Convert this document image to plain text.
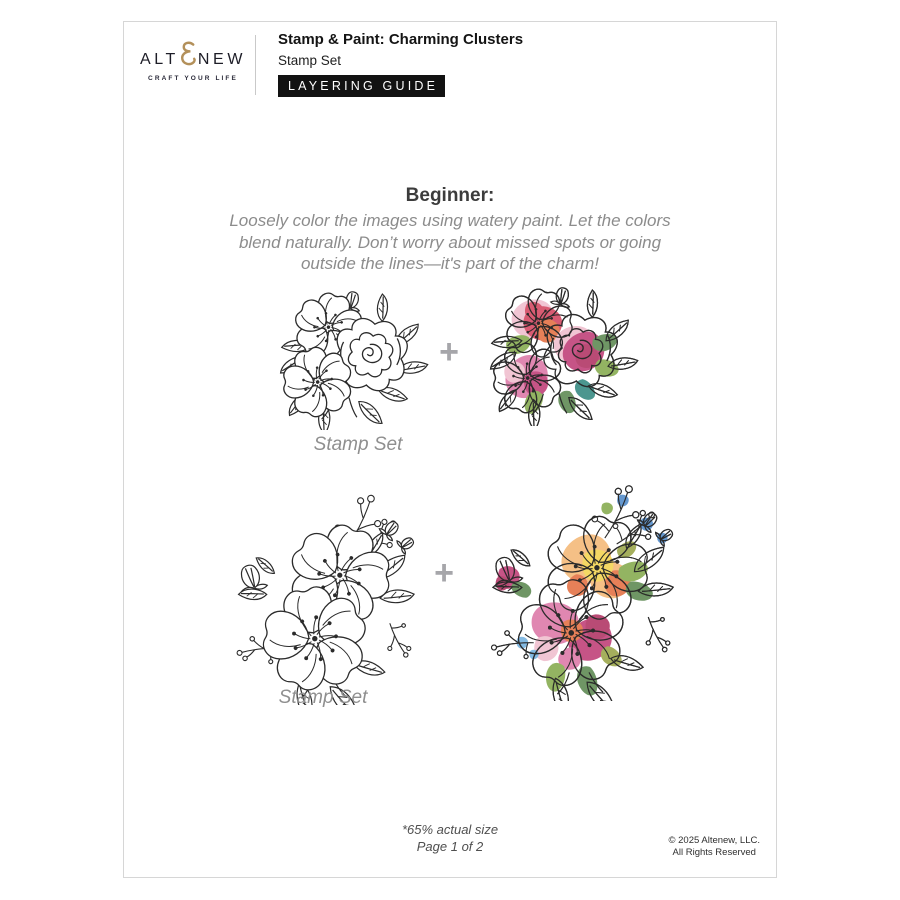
ALT NEW
CRAFT YOUR LIFE
Stamp & Paint: Charming Clusters
Stamp Set
LAYERING GUIDE
Beginner:
Loosely color the images using watery paint. Let the colors
blend naturally. Don’t worry about missed spots or going
outside the lines—it's part of the charm!
+
Stamp Set
+
Stamp Set
*65% actual size
Page 1 of 2	© 2025 Altenew, LLC.
All Rights Reserved
